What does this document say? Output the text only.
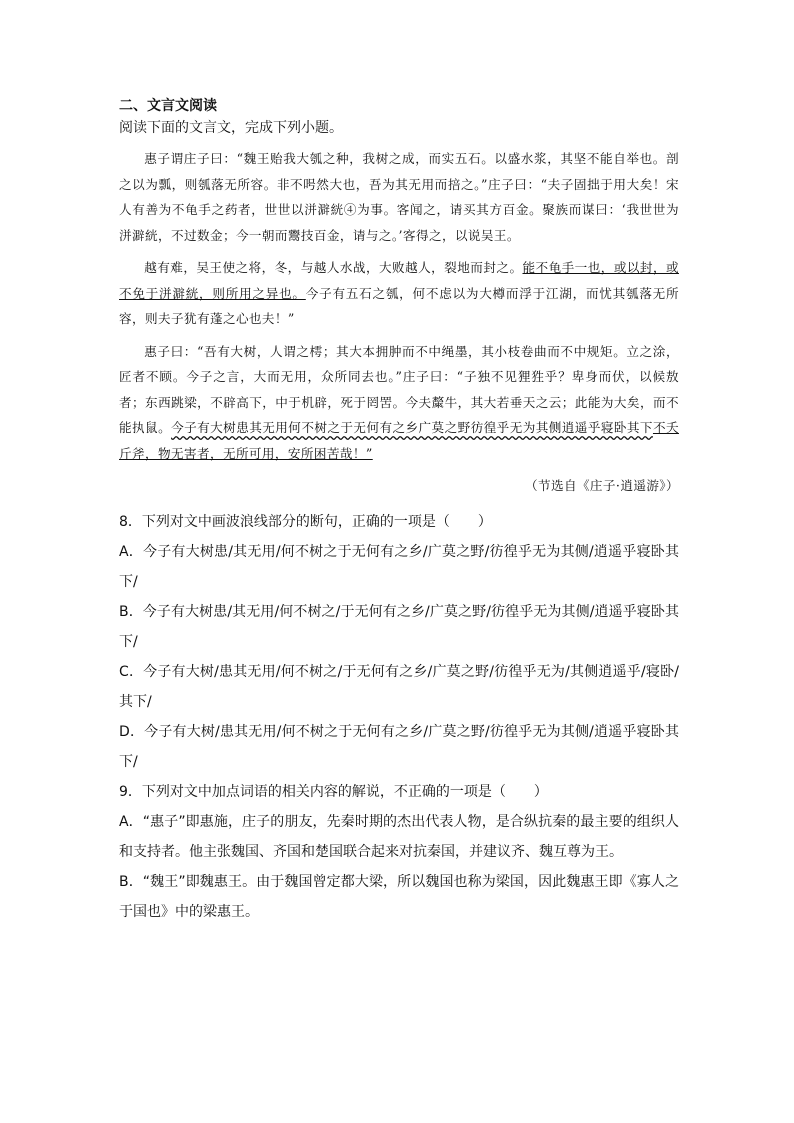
二、文言文阅读

阅读下面的文言文，完成下列小题。

惠子谓庄子曰：“魏王贻我大瓠之种，我树之成，而实五石。以盛水浆，其坚不能自举也。剖之以为瓢，则瓠落无所容。非不呺然大也，吾为其无用而掊之。”庄子曰：“夫子固拙于用大矣！宋人有善为不龟手之药者，世世以洴澼絖④为事。客闻之，请买其方百金。聚族而谋曰：‘我世世为洴澼絖，不过数金；今一朝而鬻技百金，请与之。’客得之，以说吴王。

越有难，吴王使之将，冬，与越人水战，大败越人，裂地而封之。能不龟手一也，或以封，或不免于洴澼絖，则所用之异也。今子有五石之瓠，何不虑以为大樽而浮于江湖，而忧其瓠落无所容，则夫子犹有蓬之心也夫！”

惠子曰：“吾有大树，人谓之樗；其大本拥肿而不中绳墨，其小枝卷曲而不中规矩。立之涂，匠者不顾。今子之言，大而无用，众所同去也。”庄子曰：“子独不见狸狌乎？卑身而伏，以候敖者；东西跳梁，不辟高下，中于机辟，死于罔罟。今夫斄牛，其大若垂天之云；此能为大矣，而不能执鼠。今子有大树患其无用何不树之于无何有之乡广莫之野彷徨乎无为其侧逍遥乎寝卧其下不夭斤斧，物无害者，无所可用，安所困苦哉！”

（节选自《庄子·逍遥游》）

8．下列对文中画波浪线部分的断句，正确的一项是（　　）
A．今子有大树患/其无用/何不树之于无何有之乡/广莫之野/彷徨乎无为其侧/逍遥乎寝卧其下/
B．今子有大树患/其无用/何不树之/于无何有之乡/广莫之野/彷徨乎无为其侧/逍遥乎寝卧其下/
C．今子有大树/患其无用/何不树之/于无何有之乡/广莫之野/彷徨乎无为/其侧逍遥乎/寝卧/ 其下/
D．今子有大树/患其无用/何不树之于无何有之乡/广莫之野/彷徨乎无为其侧/逍遥乎寝卧其下/
9．下列对文中加点词语的相关内容的解说，不正确的一项是（　　）
A．“惠子”即惠施，庄子的朋友，先秦时期的杰出代表人物，是合纵抗秦的最主要的组织人和支持者。他主张魏国、齐国和楚国联合起来对抗秦国，并建议齐、魏互尊为王。
B．“魏王”即魏惠王。由于魏国曾定都大梁，所以魏国也称为梁国，因此魏惠王即《寡人之于国也》中的梁惠王。
